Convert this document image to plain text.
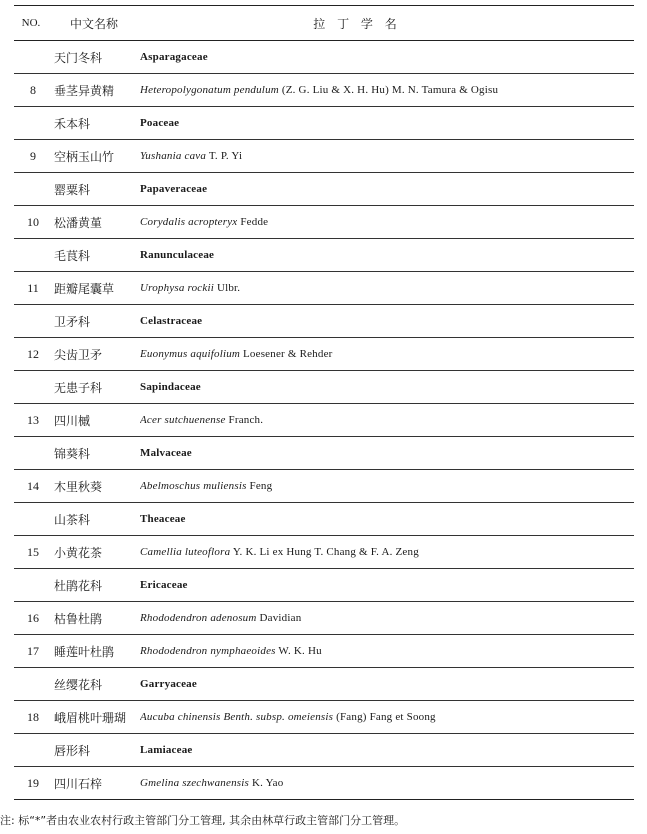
NO.	中文名称	拉 丁 学 名
	天门冬科	Asparagaceae
8	垂茎异黄精	Heteropolygonatum pendulum (Z. G. Liu & X. H. Hu) M. N. Tamura & Ogisu
	禾本科	Poaceae
9	空柄玉山竹	Yushania cava T. P. Yi
	罂粟科	Papaveraceae
10	松潘黄堇	Corydalis acropteryx Fedde
	毛茛科	Ranunculaceae
11	距瓣尾囊草	Urophysa rockii Ulbr.
	卫矛科	Celastraceae
12	尖齿卫矛	Euonymus aquifolium Loesener & Rehder
	无患子科	Sapindaceae
13	四川槭	Acer sutchuenense Franch.
	锦葵科	Malvaceae
14	木里秋葵	Abelmoschus muliensis Feng
	山茶科	Theaceae
15	小黄花茶	Camellia luteoflora Y. K. Li ex Hung T. Chang & F. A. Zeng
	杜鹃花科	Ericaceae
16	枯鲁杜鹃	Rhododendron adenosum Davidian
17	睡莲叶杜鹃	Rhododendron nymphaeoides W. K. Hu
	丝缨花科	Garryaceae
18	峨眉桃叶珊瑚	Aucuba chinensis Benth. subsp. omeiensis (Fang) Fang et Soong
	唇形科	Lamiaceae
19	四川石梓	Gmelina szechwanensis K. Yao
注: 标“*”者由农业农村行政主管部门分工管理, 其余由林草行政主管部门分工管理。
